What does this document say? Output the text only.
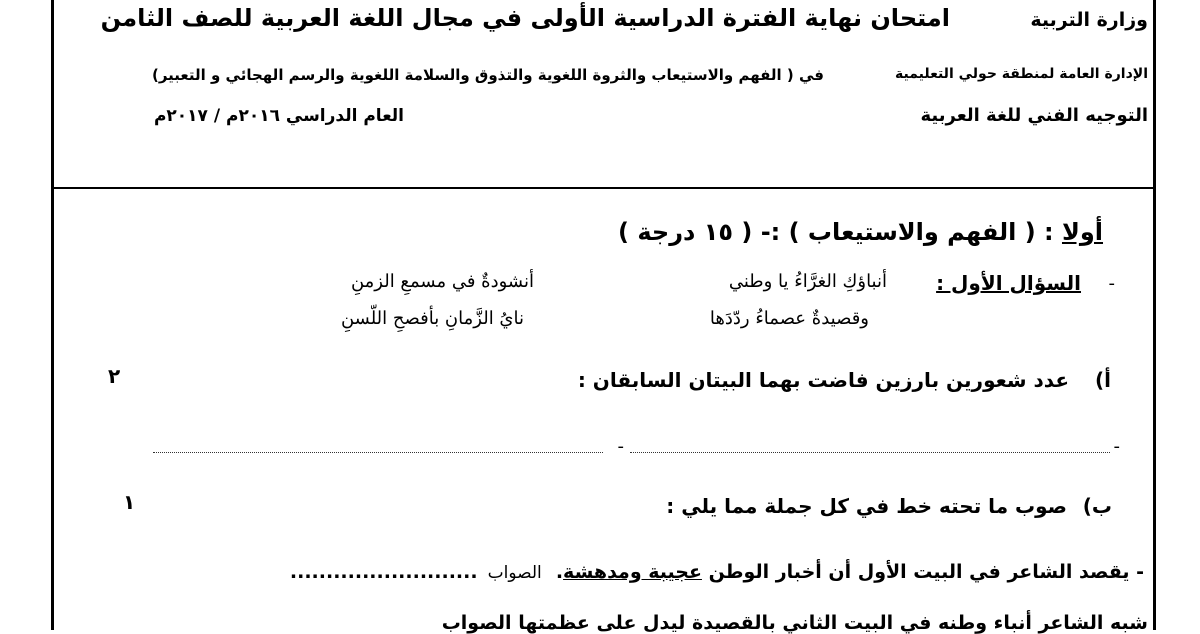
وزارة التربية
امتحان نهاية الفترة الدراسية الأولى في مجال اللغة العربية للصف الثامن
الإدارة العامة لمنطقة حولي التعليمية
في ( الفهم والاستيعاب والثروة اللغوية والتذوق والسلامة اللغوية والرسم الهجائي و التعبير)
التوجيه الفني للغة العربية
العام الدراسي ٢٠١٦م / ٢٠١٧م
أولا : ( الفهم والاستيعاب ) :- ( ١٥ درجة )
-
السؤال الأول :
أنباؤكِ الغرَّاءُ يا وطني
أنشودةٌ في مسمعِ الزمنِ
وقصيدةٌ عصماءُ ردّدَها
نايُ الزَّمانِ بأفصحِ اللّسنِ
أ)
عدد شعورين بارزين فاضت بهما البيتان السابقان :
٢
-
-
ب)
صوب ما تحته خط في كل جملة مما يلي :
١
- يقصد الشاعر في البيت الأول أن أخبار الوطن عجيبة ومدهشة. الصواب ..........................
شبه الشاعر أنباء وطنه في البيت الثاني بالقصيدة ليدل على عظمتها الصواب
